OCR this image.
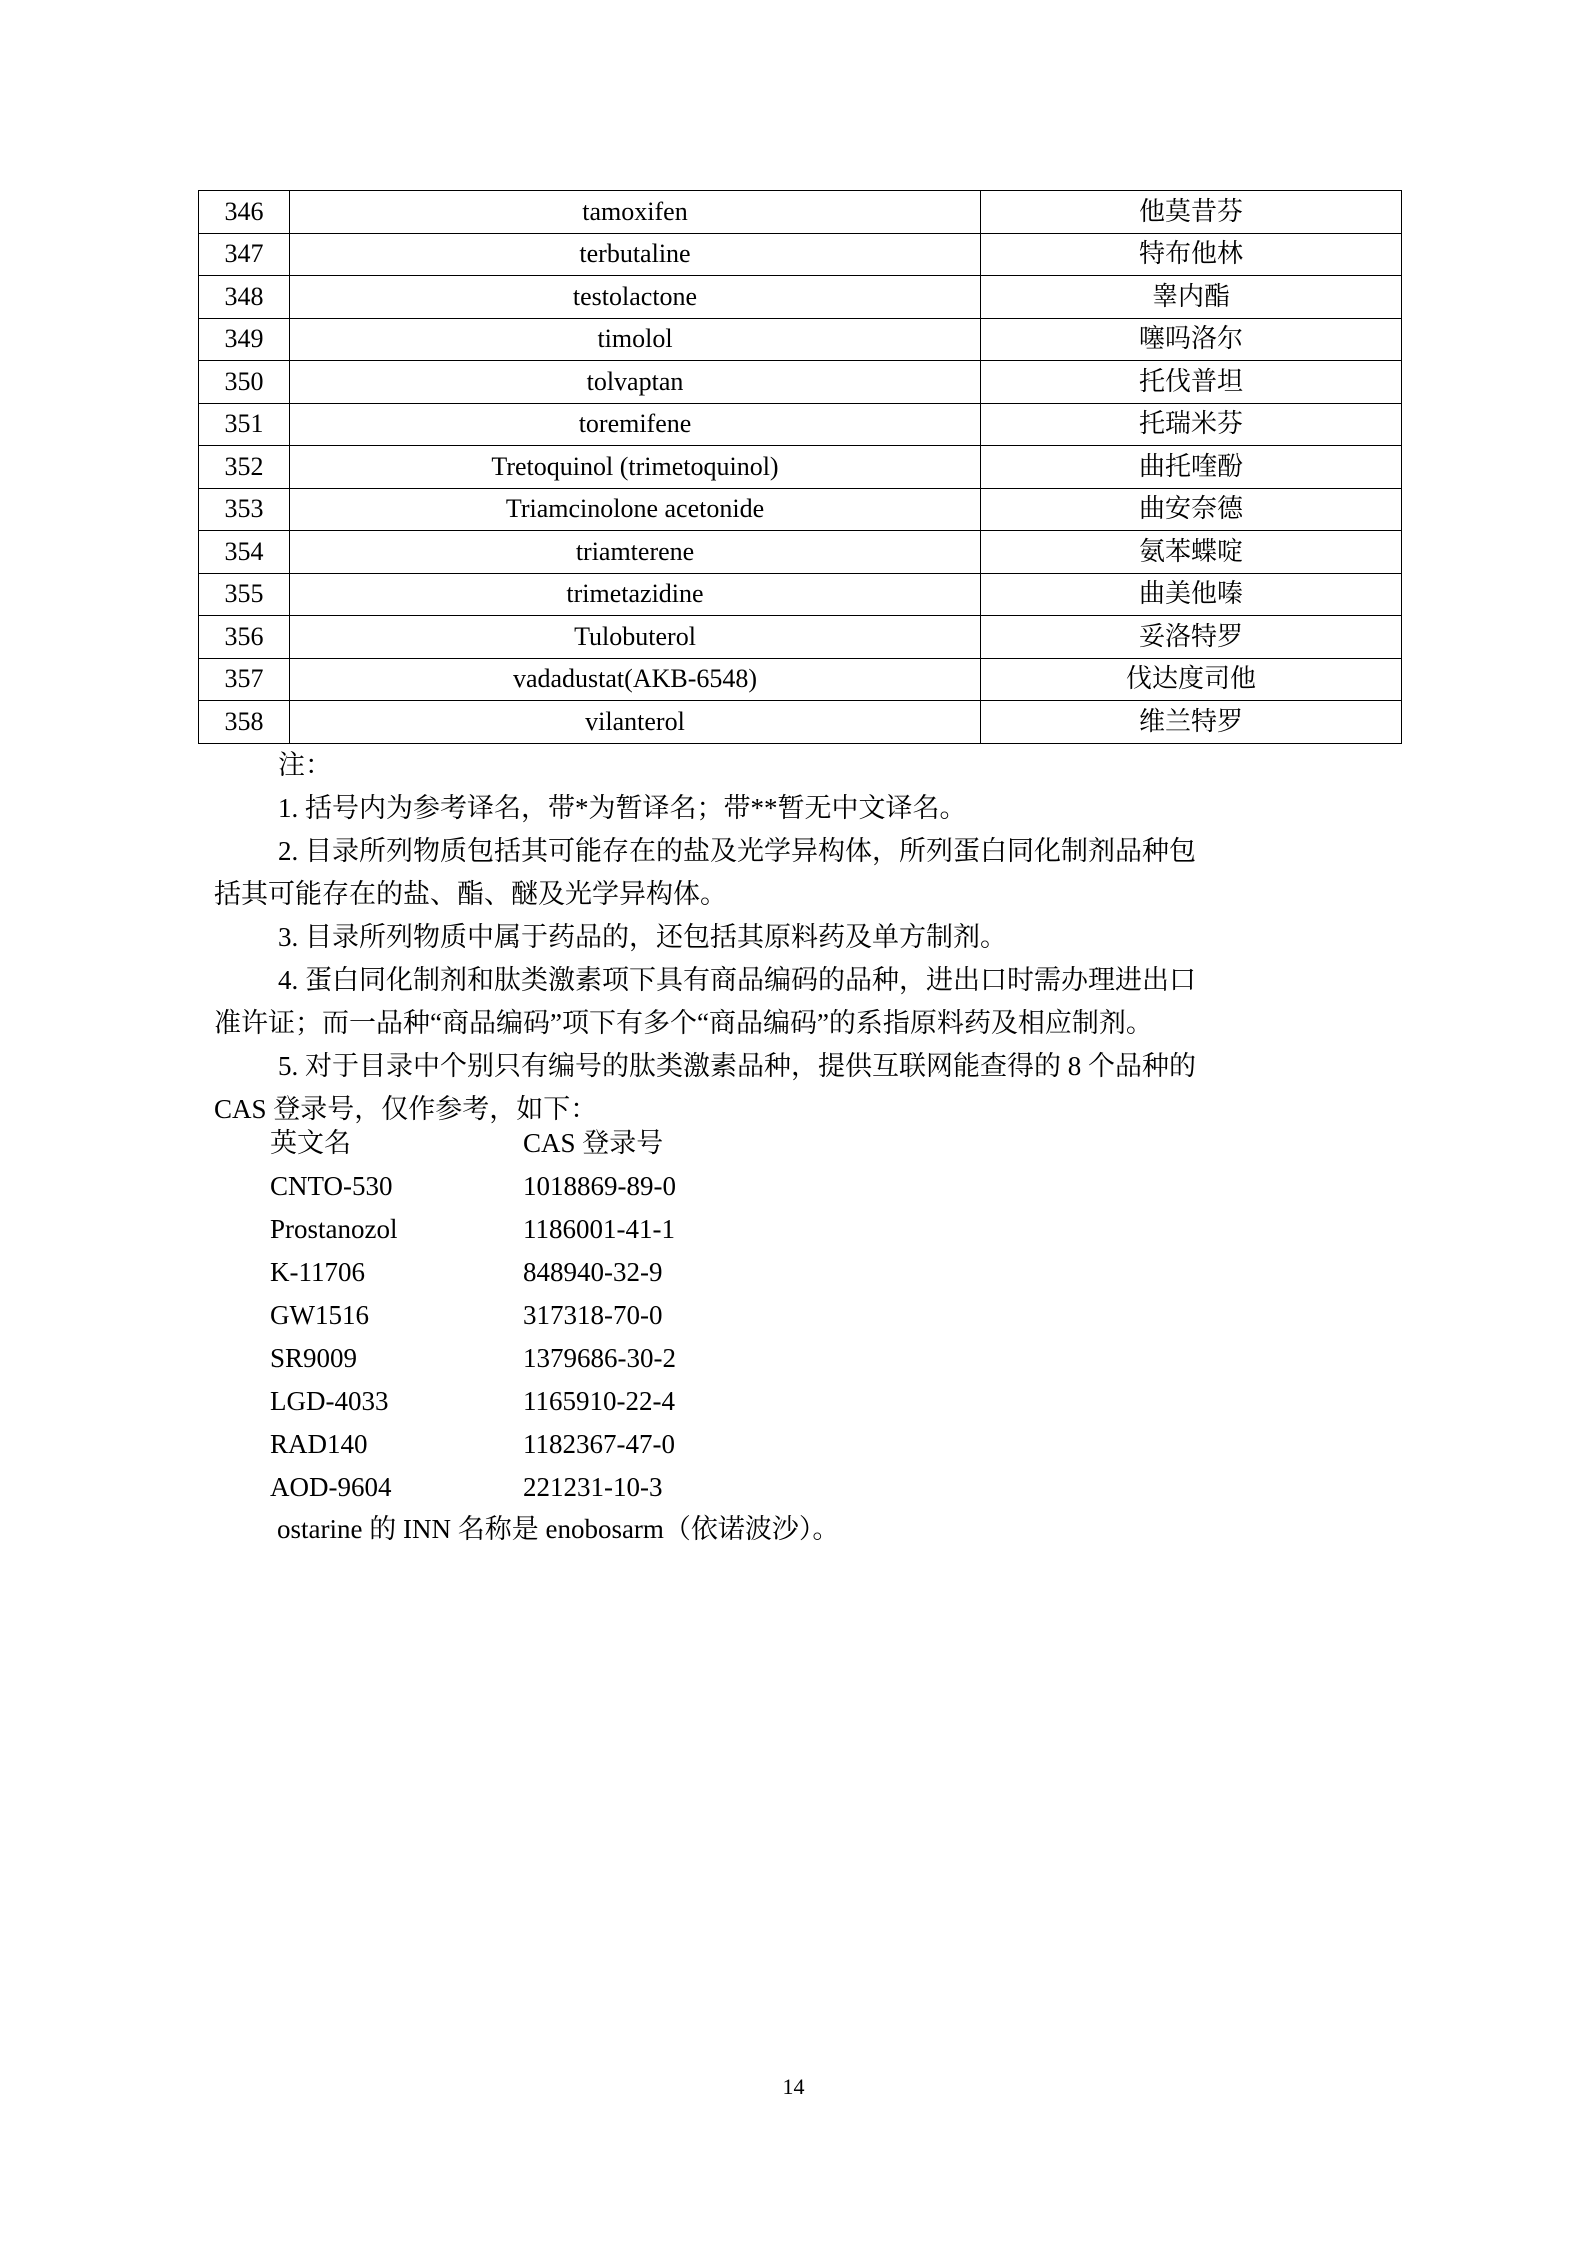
346	tamoxifen	他莫昔芬
347	terbutaline	特布他林
348	testolactone	睾内酯
349	timolol	噻吗洛尔
350	tolvaptan	托伐普坦
351	toremifene	托瑞米芬
352	Tretoquinol (trimetoquinol)	曲托喹酚
353	Triamcinolone acetonide	曲安奈德
354	triamterene	氨苯蝶啶
355	trimetazidine	曲美他嗪
356	Tulobuterol	妥洛特罗
357	vadadustat(AKB-6548)	伐达度司他
358	vilanterol	维兰特罗
注：
1. 括号内为参考译名，带*为暂译名；带**暂无中文译名。
2. 目录所列物质包括其可能存在的盐及光学异构体，所列蛋白同化制剂品种包
括其可能存在的盐、酯、醚及光学异构体。
3. 目录所列物质中属于药品的，还包括其原料药及单方制剂。
4. 蛋白同化制剂和肽类激素项下具有商品编码的品种，进出口时需办理进出口
准许证；而一品种“商品编码”项下有多个“商品编码”的系指原料药及相应制剂。
5. 对于目录中个别只有编号的肽类激素品种，提供互联网能查得的 8 个品种的
CAS 登录号，仅作参考，如下：
英文名	CAS 登录号
CNTO-530	1018869-89-0
Prostanozol	1186001-41-1
K-11706	848940-32-9
GW1516	317318-70-0
SR9009	1379686-30-2
LGD-4033	1165910-22-4
RAD140	1182367-47-0
AOD-9604	221231-10-3
ostarine 的 INN 名称是 enobosarm（依诺波沙）。
14
